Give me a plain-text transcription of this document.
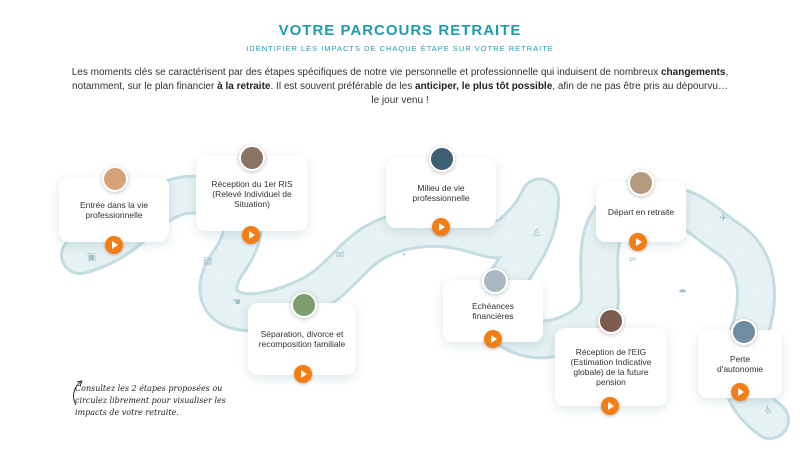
VOTRE PARCOURS RETRAITE
IDENTIFIER LES IMPACTS DE CHAQUE ÉTAPE SUR VOTRE RETRAITE
Les moments clés se caractérisent par des étapes spécifiques de notre vie personnelle et professionnelle qui induisent de nombreux changements, notamment, sur le plan financier à la retraite. Il est souvent préférable de les anticiper, le plus tôt possible, afin de ne pas être pris au dépourvu… le jour venu !
▣	▤
✉	◔
☚
∞
♙
✈
☂
♿
Entrée dans la vie professionnelle
Réception du 1er RIS (Relevé Individuel de Situation)
Séparation, divorce et recomposition familiale
Milieu de vie professionnelle
Echéances financières
Réception de l'EIG (Estimation Indicative globale) de la future pension
Départ en retraite
Perte d'autonomie
Consultez les 2 étapes proposées ou circulez librement pour visualiser les impacts de votre retraite.
